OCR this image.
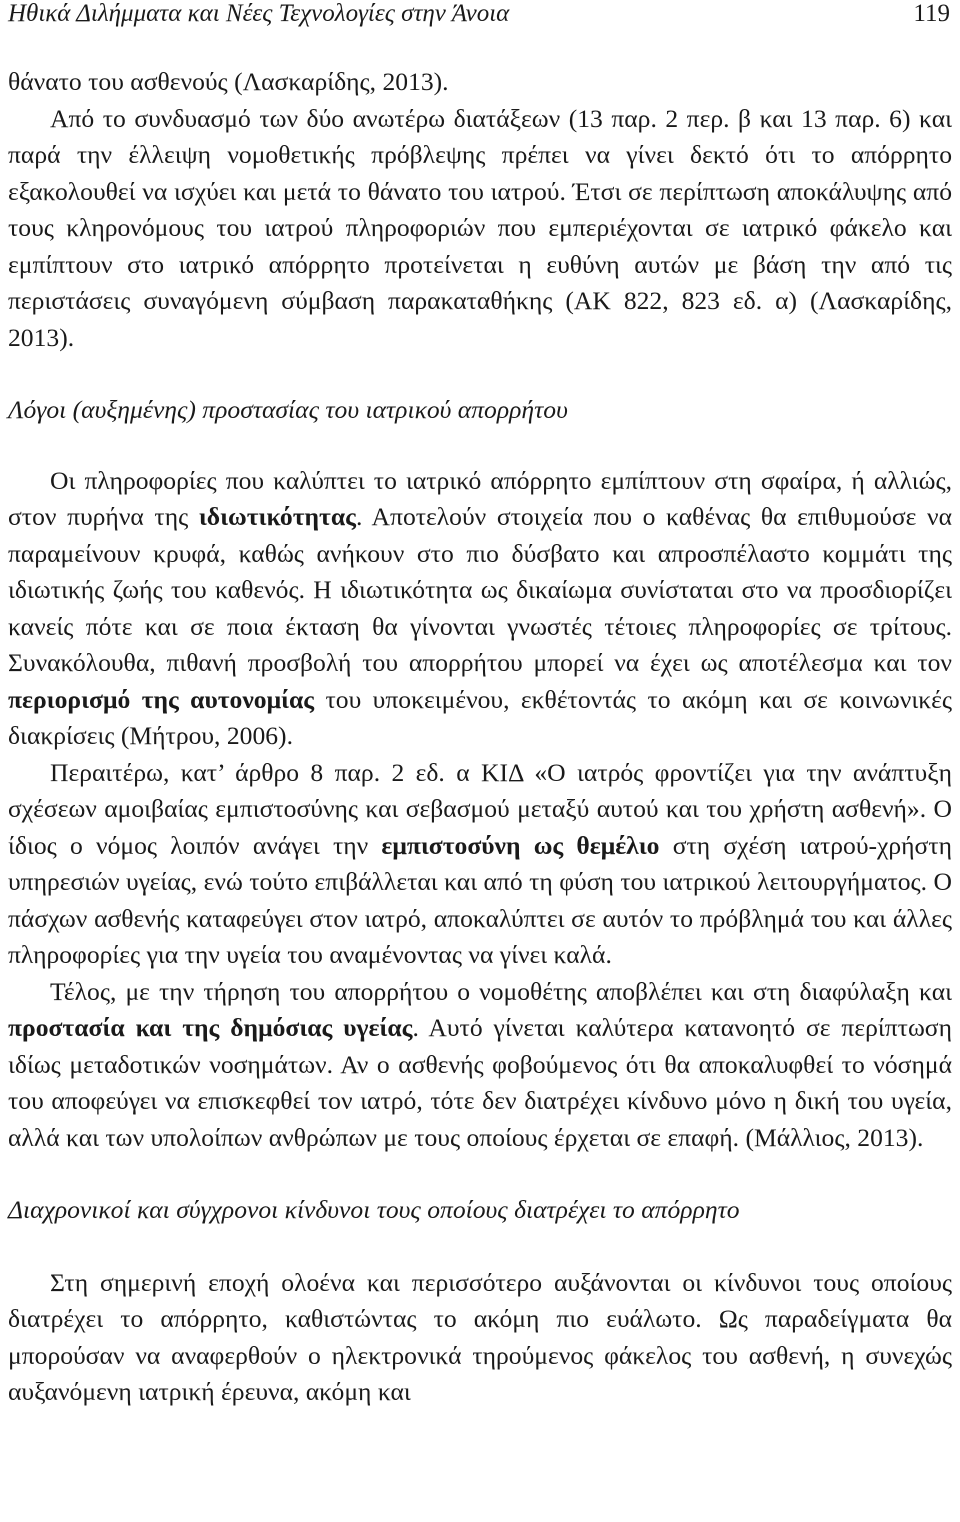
Ηθικά Διλήμματα και Νέες Τεχνολογίες στην Άνοια	119

θάνατο του ασθενούς (Λασκαρίδης, 2013).

Από το συνδυασμό των δύο ανωτέρω διατάξεων (13 παρ. 2 περ. β και 13 παρ. 6) και παρά την έλλειψη νομοθετικής πρόβλεψης πρέπει να γίνει δεκτό ότι το απόρρητο εξακολουθεί να ισχύει και μετά το θάνατο του ιατρού. Έτσι σε περίπτωση αποκάλυψης από τους κληρονόμους του ιατρού πληροφοριών που εμπεριέχονται σε ιατρικό φάκελο και εμπίπτουν στο ιατρικό απόρρητο προτείνεται η ευθύνη αυτών με βάση την από τις περιστάσεις συναγόμενη σύμβαση παρακαταθήκης (ΑΚ 822, 823 εδ. α) (Λασκαρίδης, 2013).

Λόγοι (αυξημένης) προστασίας του ιατρικού απορρήτου

Οι πληροφορίες που καλύπτει το ιατρικό απόρρητο εμπίπτουν στη σφαίρα, ή αλλιώς, στον πυρήνα της ιδιωτικότητας. Αποτελούν στοιχεία που ο καθένας θα επιθυμούσε να παραμείνουν κρυφά, καθώς ανήκουν στο πιο δύσβατο και απροσπέλαστο κομμάτι της ιδιωτικής ζωής του καθενός. Η ιδιωτικότητα ως δικαίωμα συνίσταται στο να προσδιορίζει κανείς πότε και σε ποια έκταση θα γίνονται γνωστές τέτοιες πληροφορίες σε τρίτους. Συνακόλουθα, πιθανή προσβολή του απορρήτου μπορεί να έχει ως αποτέλεσμα και τον περιορισμό της αυτονομίας του υποκειμένου, εκθέτοντάς το ακόμη και σε κοινωνικές διακρίσεις (Μήτρου, 2006).

Περαιτέρω, κατ’ άρθρο 8 παρ. 2 εδ. α ΚΙΔ «Ο ιατρός φροντίζει για την ανάπτυξη σχέσεων αμοιβαίας εμπιστοσύνης και σεβασμού μεταξύ αυτού και του χρήστη ασθενή». Ο ίδιος ο νόμος λοιπόν ανάγει την εμπιστοσύνη ως θεμέλιο στη σχέση ιατρού-χρήστη υπηρεσιών υγείας, ενώ τούτο επιβάλλεται και από τη φύση του ιατρικού λειτουργήματος. Ο πάσχων ασθενής καταφεύγει στον ιατρό, αποκαλύπτει σε αυτόν το πρόβλημά του και άλλες πληροφορίες για την υγεία του αναμένοντας να γίνει καλά.

Τέλος, με την τήρηση του απορρήτου ο νομοθέτης αποβλέπει και στη διαφύλαξη και προστασία και της δημόσιας υγείας. Αυτό γίνεται καλύτερα κατανοητό σε περίπτωση ιδίως μεταδοτικών νοσημάτων. Αν ο ασθενής φοβούμενος ότι θα αποκαλυφθεί το νόσημά του αποφεύγει να επισκεφθεί τον ιατρό, τότε δεν διατρέχει κίνδυνο μόνο η δική του υγεία, αλλά και των υπολοίπων ανθρώπων με τους οποίους έρχεται σε επαφή. (Μάλλιος, 2013).

Διαχρονικοί και σύγχρονοι κίνδυνοι τους οποίους διατρέχει το απόρρητο

Στη σημερινή εποχή ολοένα και περισσότερο αυξάνονται οι κίνδυνοι τους οποίους διατρέχει το απόρρητο, καθιστώντας το ακόμη πιο ευάλωτο. Ως παραδείγματα θα μπορούσαν να αναφερθούν ο ηλεκτρονικά τηρούμενος φάκελος του ασθενή, η συνεχώς αυξανόμενη ιατρική έρευνα, ακόμη και
